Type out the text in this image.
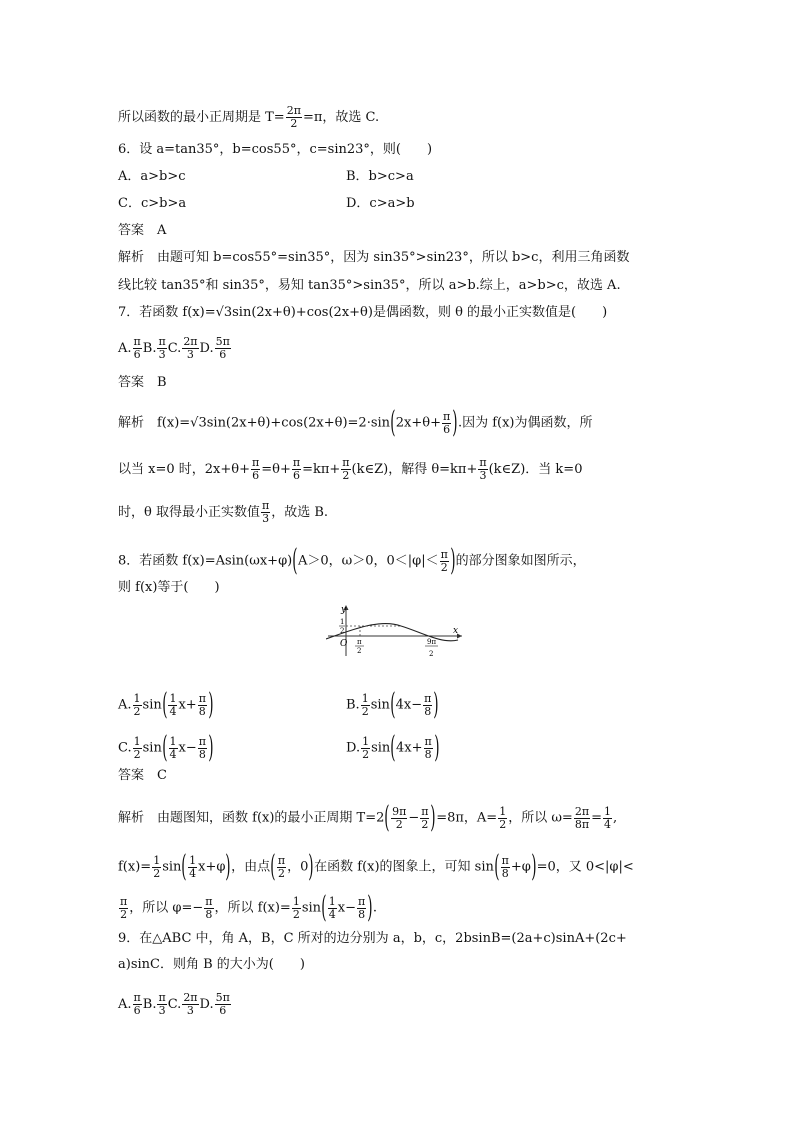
所以函数的最小正周期是 $T= \frac{2\pi}{2} =\pi$，故选 C.
6．设 a=tan35°，b=cos55°，c=sin23°，则(　　)
A．a>b>c	B．b>c>a
C．c>b>a	D．c>a>b
答案　A
解析　由题可知 b=cos55°=sin35°，因为 sin35°>sin23°，所以 b>c，利用三角函数
线比较 tan35°和 sin35°，易知 tan35°>sin35°，所以 a>b.综上，a>b>c，故选 A.
7．若函数 f(x)=√3sin(2x+θ)+cos(2x+θ)是偶函数，则 θ 的最小正实数值是(　　)
A. $\frac{\pi}{6} B$. $\frac{\pi}{3} C$. $\frac{2\pi}{3} D$. $\frac{5\pi}{6}$
答案　B
解析　$f(x)=√3\sin(2x+\theta)+\cos(2x+\theta)=2\cdot\sin(2x+\theta+ \frac{\pi}{6}$ ).因为 f(x)为偶函数，所
以当 x=0 时，$2x+\theta+ \frac{\pi}{6} =\theta+ \frac{\pi}{6} =k\pi+ \frac{\pi}{2}$ (k∈Z)，解得 $\theta=k\pi+ \frac{\pi}{3}$ (k∈Z)．当 k=0
时，θ 取得最小正实数值 $\frac{\pi}{3}$ ，故选 B.
8．若函数 f(x)=Asin(ωx+φ)(A＞0，ω＞0，$0<|\varphi|< \frac{\pi}{2}$ )的部分图象如图所示，
则 f(x)等于(　　)
y
x
O
1
2
π
2
9π
2
A. $\frac{1}{2} \sin( \frac{1}{4} x+ \frac{\pi}{8}$ )	B. $\frac{1}{2} \sin(4x- \frac{\pi}{8}$ )
C. $\frac{1}{2} \sin( \frac{1}{4} x- \frac{\pi}{8}$ )	D. $\frac{1}{2} \sin(4x+ \frac{\pi}{8}$ )
答案　C
解析　由题图知，函数 f(x)的最小正周期 $T=2( \frac{9\pi}{2} - \frac{\pi}{2} )=8\pi$，$A= \frac{1}{2}$ ，所以 $\omega= \frac{2\pi}{8\pi} = \frac{1}{4}$ ,
$f(x)= \frac{1}{2} \sin( \frac{1}{4} x+\varphi)$，由点( $\frac{\pi}{2}$ ，0)在函数 f(x)的图象上，可知 $\sin( \frac{\pi}{8} +\varphi)=0$，又 0<|φ|<
$\frac{\pi}{2}$ ，所以 $\varphi=- \frac{\pi}{8}$ ，所以 $f(x)= \frac{1}{2} \sin( \frac{1}{4} x- \frac{\pi}{8}$ ).
9．在△ABC 中，角 A，B，C 所对的边分别为 a，b，c，2bsinB=(2a+c)sinA+(2c+
a)sinC．则角 B 的大小为(　　)
A. $\frac{\pi}{6} B$. $\frac{\pi}{3} C$. $\frac{2\pi}{3} D$. $\frac{5\pi}{6}$
